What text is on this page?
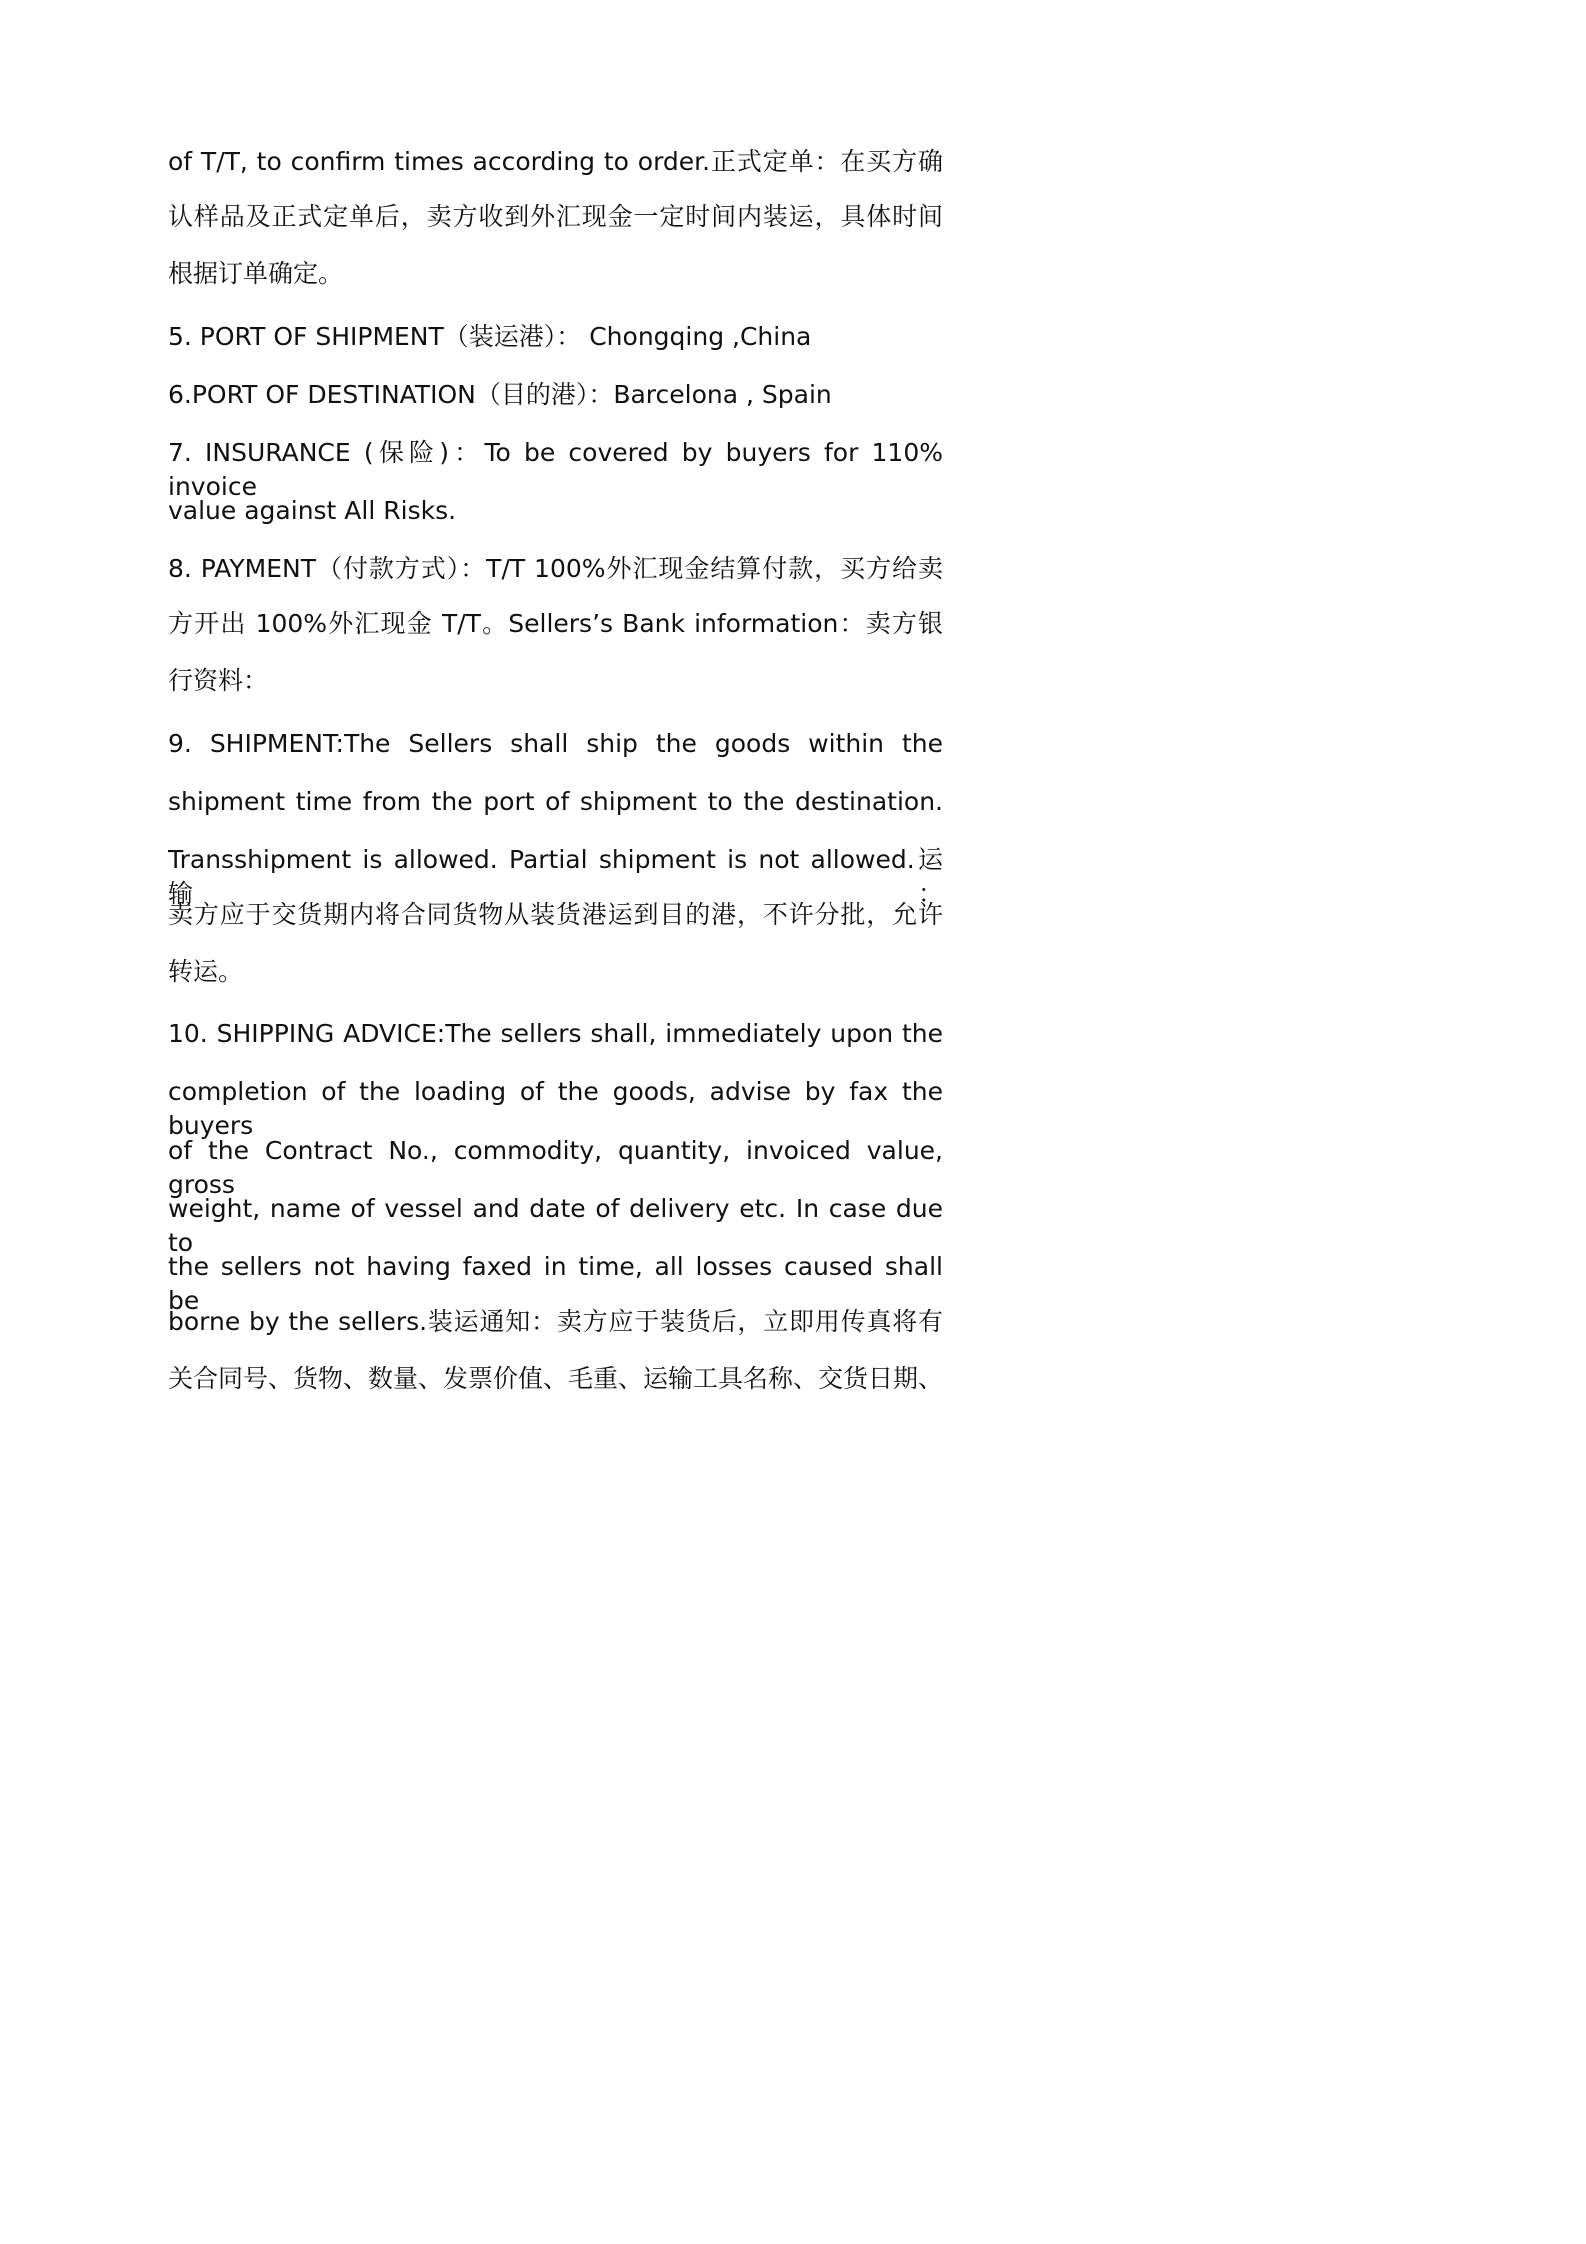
of T/T, to confirm times according to order.正式定单：在买方确
认样品及正式定单后，卖方收到外汇现金一定时间内装运，具体时间
根据订单确定。
5. PORT OF SHIPMENT（装运港）： Chongqing ,China
6.PORT OF DESTINATION（目的港）：Barcelona , Spain
7. INSURANCE (保险)：To be covered by buyers for 110% invoice
value against All Risks.
8. PAYMENT（付款方式）：T/T 100%外汇现金结算付款，买方给卖
方开出 100%外汇现金 T/T。Sellers’s Bank information：卖方银
行资料：
9. SHIPMENT:The Sellers shall ship the goods within the
shipment time from the port of shipment to the destination.
Transshipment is allowed. Partial shipment is not allowed.运输：
卖方应于交货期内将合同货物从装货港运到目的港，不许分批，允许
转运。
10. SHIPPING ADVICE:The sellers shall, immediately upon the
completion of the loading of the goods, advise by fax the buyers
of the Contract No., commodity, quantity, invoiced value, gross
weight, name of vessel and date of delivery etc. In case due to
the sellers not having faxed in time, all losses caused shall be
borne by the sellers.装运通知：卖方应于装货后，立即用传真将有
关合同号、货物、数量、发票价值、毛重、运输工具名称、交货日期、
